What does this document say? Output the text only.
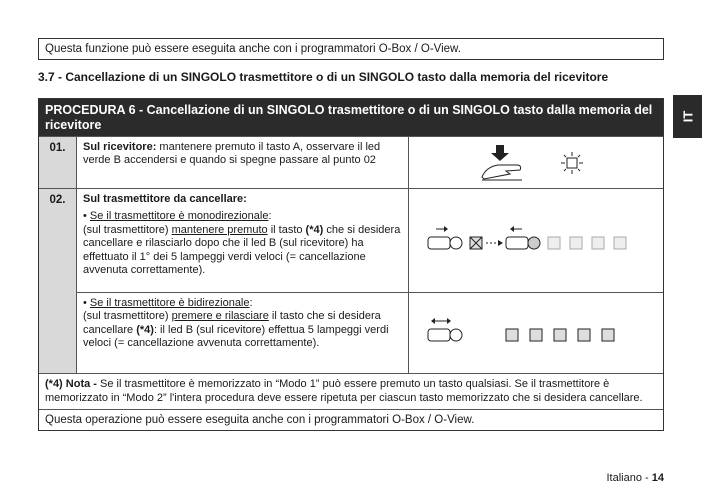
Questa funzione può essere eseguita anche con i programmatori O-Box / O-View.
3.7 - Cancellazione di un SINGOLO trasmettitore o di un SINGOLO tasto dalla memoria del ricevitore
IT
PROCEDURA 6 - Cancellazione di un SINGOLO trasmettitore o di un SINGOLO tasto dalla memoria del ricevitore
01.	Sul ricevitore: mantenere premuto il tasto A, osservare il led verde B accendersi e quando si spegne passare al punto 02
02.	Sul trasmettitore da cancellare:
• Se il trasmettitore è monodirezionale:
(sul trasmettitore) mantenere premuto il tasto (*4) che si desidera cancellare e rilasciarlo dopo che il led B (sul ricevitore) ha effettuato il 1° dei 5 lampeggi verdi veloci (= cancellazione avvenuta correttamente).
• Se il trasmettitore è bidirezionale:
(sul trasmettitore) premere e rilasciare il tasto che si desidera cancellare (*4): il led B (sul ricevitore) effettua 5 lampeggi verdi veloci (= cancellazione avvenuta correttamente).
(*4) Nota - Se il trasmettitore è memorizzato in “Modo 1” può essere premuto un tasto qualsiasi. Se il trasmettitore è memorizzato in “Modo 2” l'intera procedura deve essere ripetuta per ciascun tasto memorizzato che si desidera cancellare.
Questa operazione può essere eseguita anche con i programmatori O-Box / O-View.
Italiano - 14
